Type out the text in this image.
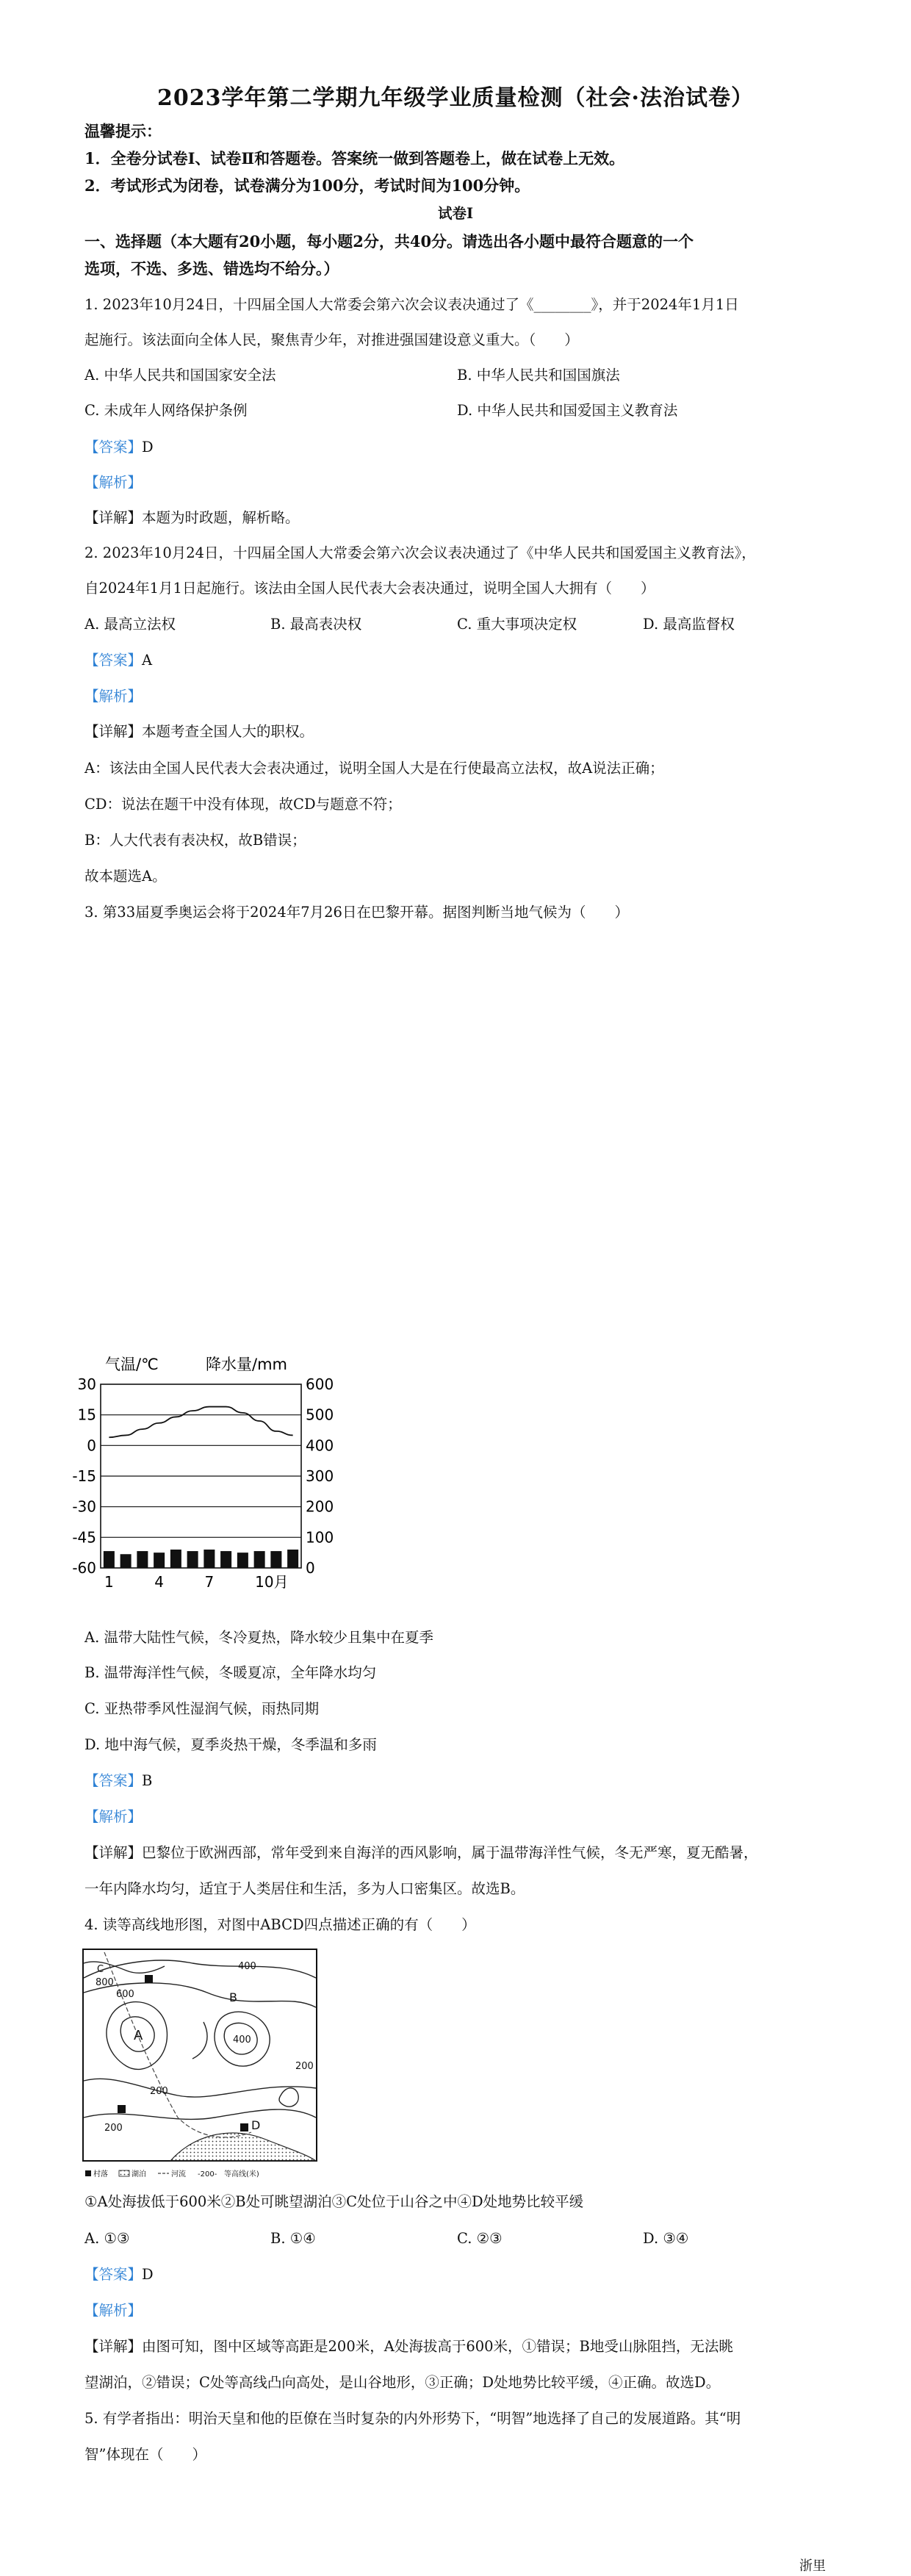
2023学年第二学期九年级学业质量检测（社会·法治试卷）
温馨提示：
1．全卷分试卷Ⅰ、试卷Ⅱ和答题卷。答案统一做到答题卷上，做在试卷上无效。
2．考试形式为闭卷，试卷满分为100分，考试时间为100分钟。
试卷Ⅰ
一、选择题（本大题有20小题，每小题2分，共40分。请选出各小题中最符合题意的一个
选项，不选、多选、错选均不给分。）
1. 2023年10月24日，十四届全国人大常委会第六次会议表决通过了《________》，并于2024年1月1日
起施行。该法面向全体人民，聚焦青少年，对推进强国建设意义重大。（　　）
A. 中华人民共和国国家安全法	B. 中华人民共和国国旗法
C. 未成年人网络保护条例	D. 中华人民共和国爱国主义教育法
【答案】D
【解析】
【详解】本题为时政题，解析略。
2. 2023年10月24日，十四届全国人大常委会第六次会议表决通过了《中华人民共和国爱国主义教育法》，
自2024年1月1日起施行。该法由全国人民代表大会表决通过，说明全国人大拥有（　　）
A. 最高立法权	B. 最高表决权	C. 重大事项决定权	D. 最高监督权
【答案】A
【解析】
【详解】本题考查全国人大的职权。
A：该法由全国人民代表大会表决通过，说明全国人大是在行使最高立法权，故A说法正确；
CD：说法在题干中没有体现，故CD与题意不符；
B：人大代表有表决权，故B错误；
故本题选A。
3. 第33届夏季奥运会将于2024年7月26日在巴黎开幕。据图判断当地气候为（　　）
气温/℃	降水量/mm
30
15
0
-15
-30
-45
-60
600
500
400
300
200
100
0
1	4	7	10月
A. 温带大陆性气候，冬冷夏热，降水较少且集中在夏季
B. 温带海洋性气候，冬暖夏凉，全年降水均匀
C. 亚热带季风性湿润气候，雨热同期
D. 地中海气候，夏季炎热干燥，冬季温和多雨
【答案】B
【解析】
【详解】巴黎位于欧洲西部，常年受到来自海洋的西风影响，属于温带海洋性气候，冬无严寒，夏无酷暑，
一年内降水均匀，适宜于人类居住和生活，多为人口密集区。故选B。
4. 读等高线地形图，对图中ABCD四点描述正确的有（　　）
C
800
600
400
B
A	400
200
200
D
200
村落	湖泊	河流 -200- 等高线(米)
①A处海拔低于600米②B处可眺望湖泊③C处位于山谷之中④D处地势比较平缓
A. ①③	B. ①④	C. ②③	D. ③④
【答案】D
【解析】
【详解】由图可知，图中区域等高距是200米，A处海拔高于600米，①错误；B地受山脉阻挡，无法眺
望湖泊，②错误；C处等高线凸向高处，是山谷地形，③正确；D处地势比较平缓，④正确。故选D。
5. 有学者指出：明治天皇和他的臣僚在当时复杂的内外形势下，“明智”地选择了自己的发展道路。其“明
智”体现在（　　）
浙里
